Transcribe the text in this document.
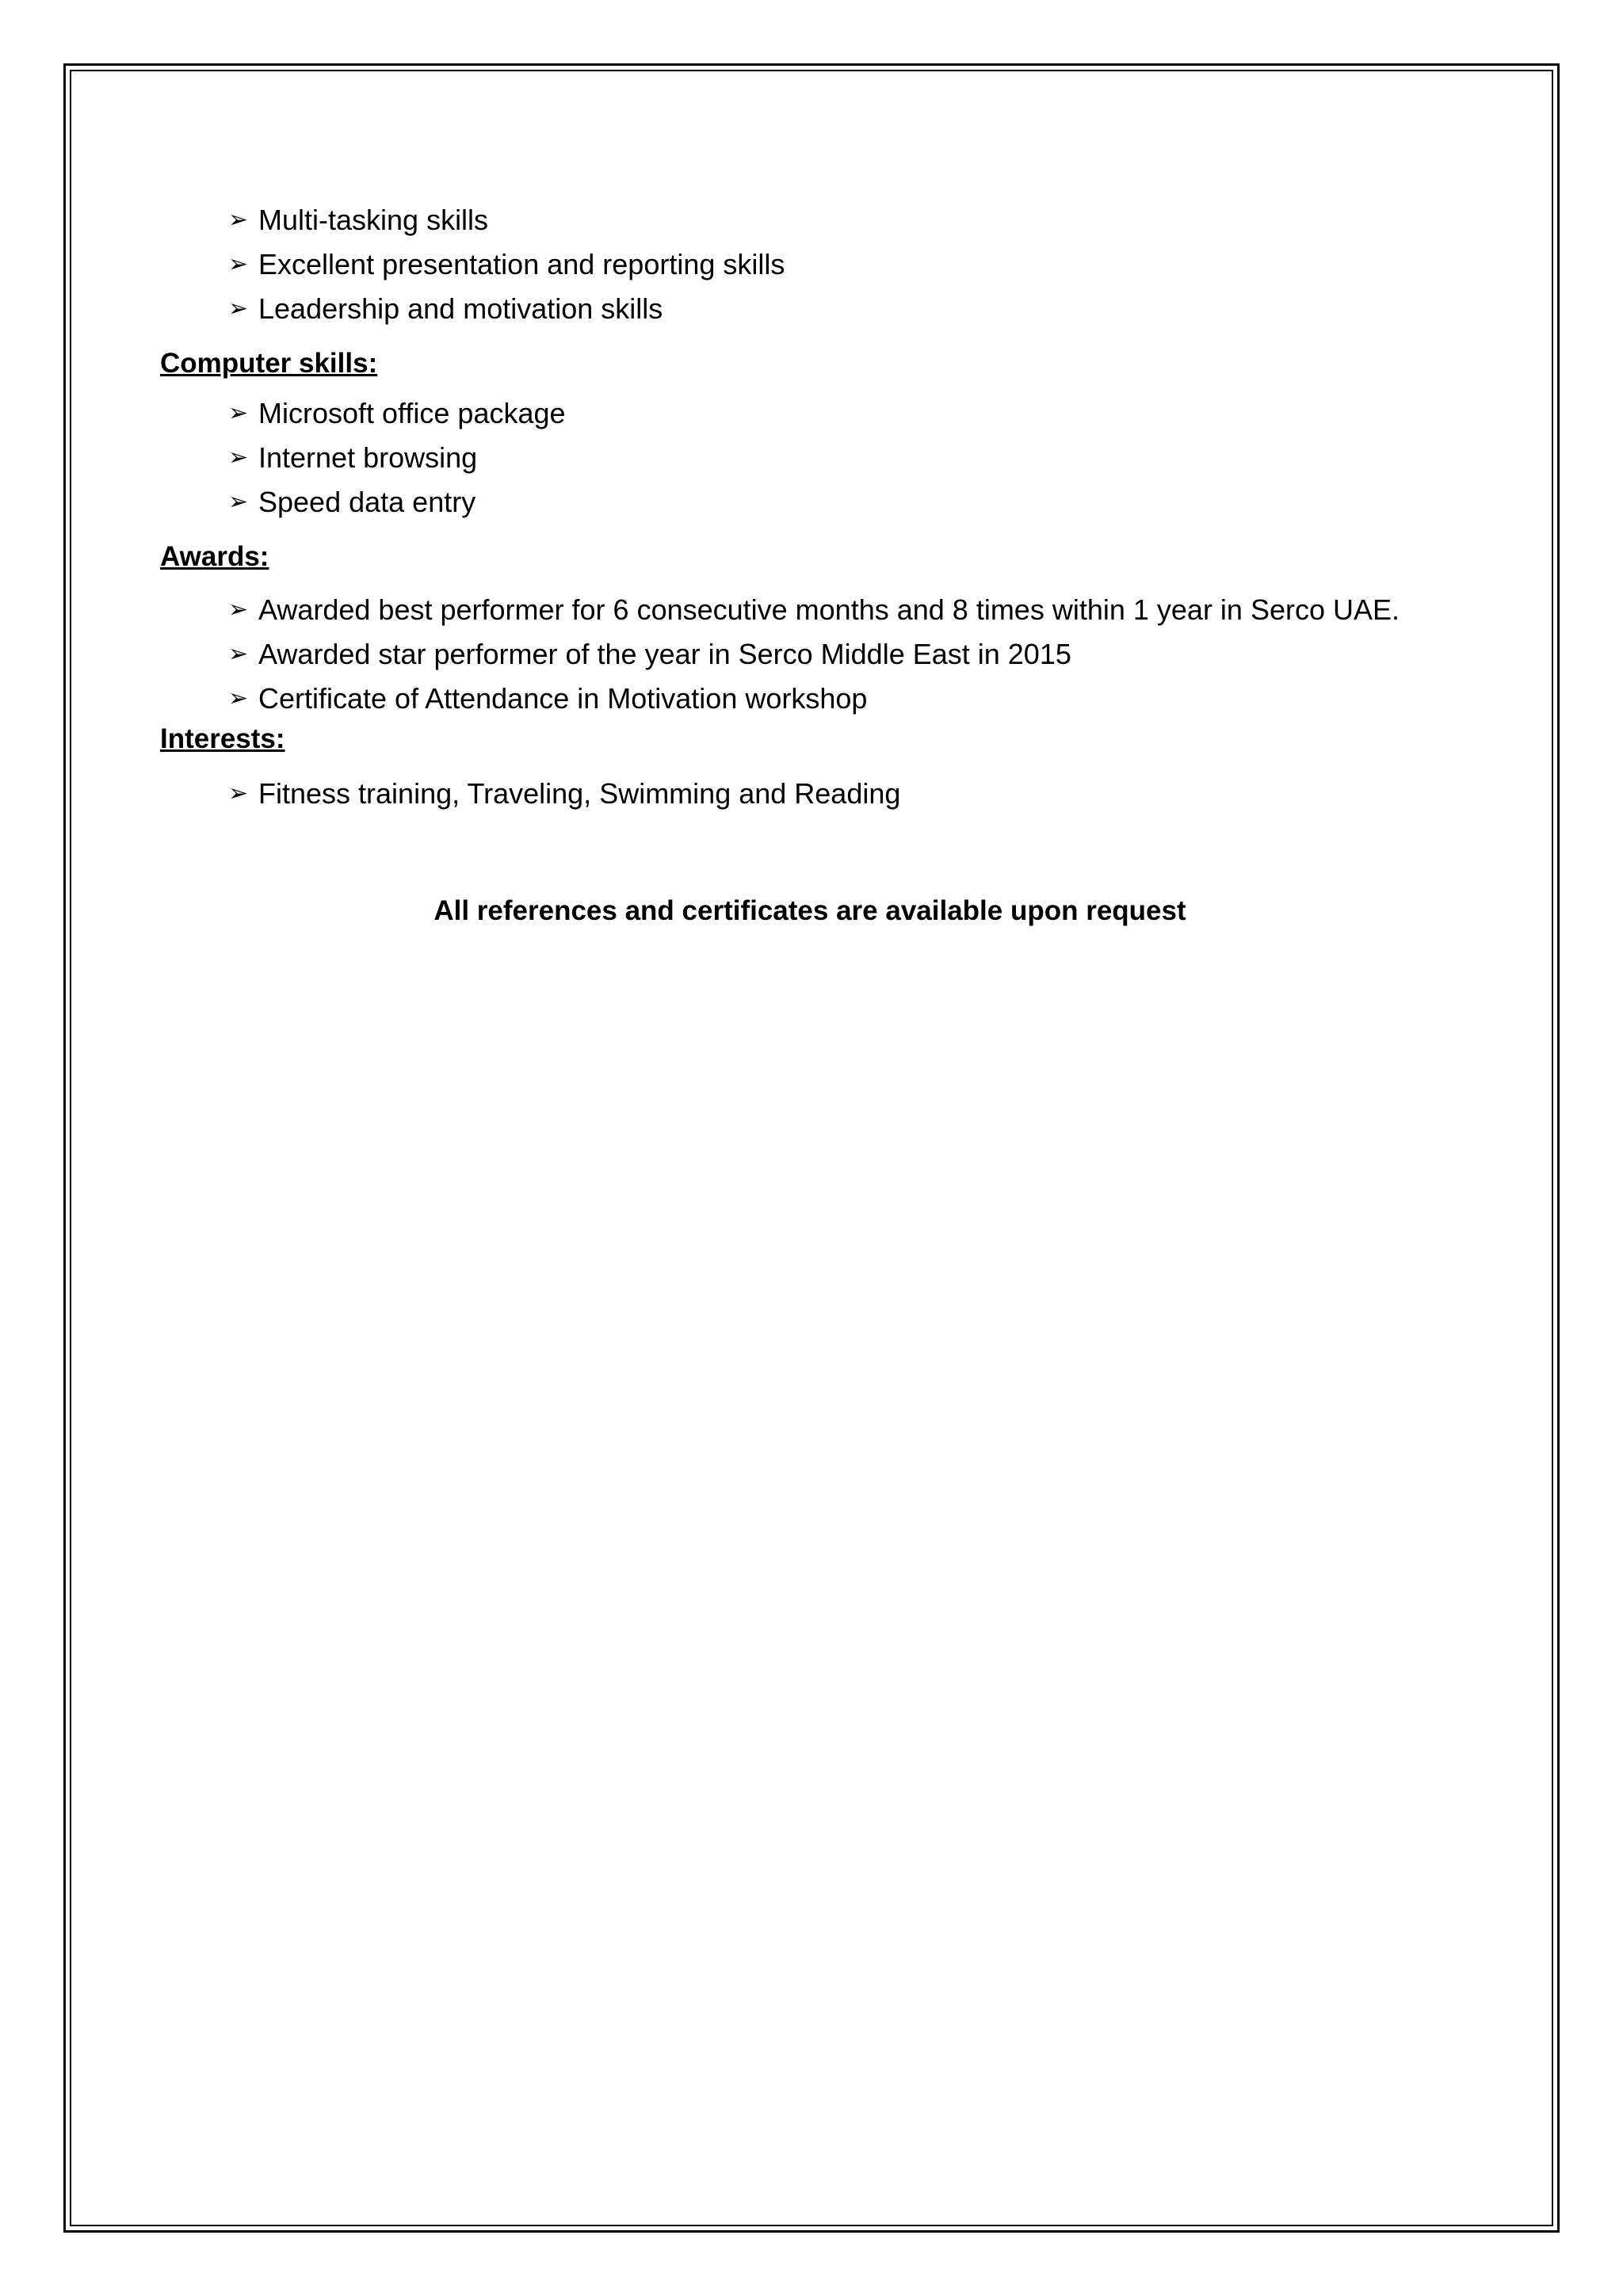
➢ Multi-tasking skills
➢ Excellent presentation and reporting skills
➢ Leadership and motivation skills
Computer skills:
➢ Microsoft office package
➢ Internet browsing
➢ Speed data entry
Awards:
➢ Awarded best performer for 6 consecutive months and 8 times within 1 year in Serco UAE.
➢ Awarded star performer of the year in Serco Middle East in 2015
➢ Certificate of Attendance in Motivation workshop
Interests:
➢ Fitness training, Traveling, Swimming and Reading

All references and certificates are available upon request
